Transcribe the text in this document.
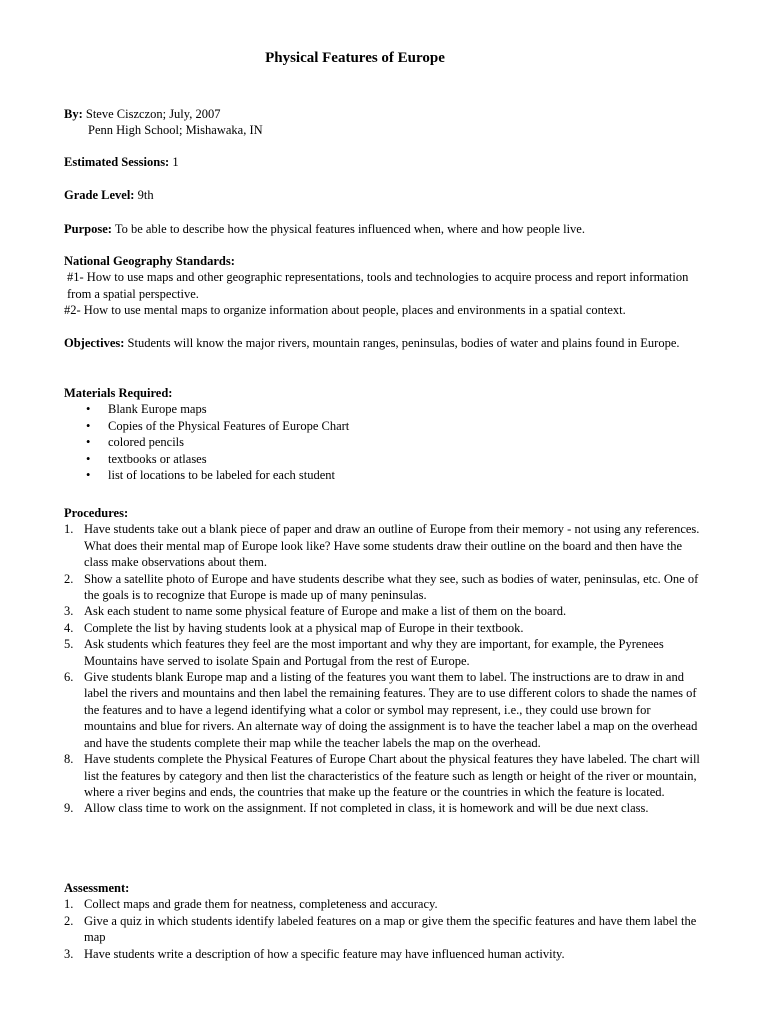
Physical Features of Europe

By: Steve Ciszczon; July, 2007

Penn High School; Mishawaka, IN

Estimated Sessions: 1

Grade Level: 9th

Purpose: To be able to describe how the physical features influenced when, where and how people live.

National Geography Standards:

#1- How to use maps and other geographic representations, tools and technologies to acquire process and report information from a spatial perspective.

#2- How to use mental maps to organize information about people, places and environments in a spatial context.

Objectives: Students will know the major rivers, mountain ranges, peninsulas, bodies of water and plains found in Europe.

Materials Required:

• Blank Europe maps
• Copies of the Physical Features of Europe Chart
• colored pencils
• textbooks or atlases
• list of locations to be labeled for each student

Procedures:

1. Have students take out a blank piece of paper and draw an outline of Europe from their memory - not using any references. What does their mental map of Europe look like? Have some students draw their outline on the board and then have the class make observations about them.
2. Show a satellite photo of Europe and have students describe what they see, such as bodies of water, peninsulas, etc. One of the goals is to recognize that Europe is made up of many peninsulas.
3. Ask each student to name some physical feature of Europe and make a list of them on the board.
4. Complete the list by having students look at a physical map of Europe in their textbook.
5. Ask students which features they feel are the most important and why they are important, for example, the Pyrenees Mountains have served to isolate Spain and Portugal from the rest of Europe.
6. Give students blank Europe map and a listing of the features you want them to label. The instructions are to draw in and label the rivers and mountains and then label the remaining features. They are to use different colors to shade the names of the features and to have a legend identifying what a color or symbol may represent, i.e., they could use brown for mountains and blue for rivers. An alternate way of doing the assignment is to have the teacher label a map on the overhead and have the students complete their map while the teacher labels the map on the overhead.
8. Have students complete the Physical Features of Europe Chart about the physical features they have labeled. The chart will list the features by category and then list the characteristics of the feature such as length or height of the river or mountain, where a river begins and ends, the countries that make up the feature or the countries in which the feature is located.
9. Allow class time to work on the assignment. If not completed in class, it is homework and will be due next class.

Assessment:

1. Collect maps and grade them for neatness, completeness and accuracy.
2. Give a quiz in which students identify labeled features on a map or give them the specific features and have them label the map
3. Have students write a description of how a specific feature may have influenced human activity.
